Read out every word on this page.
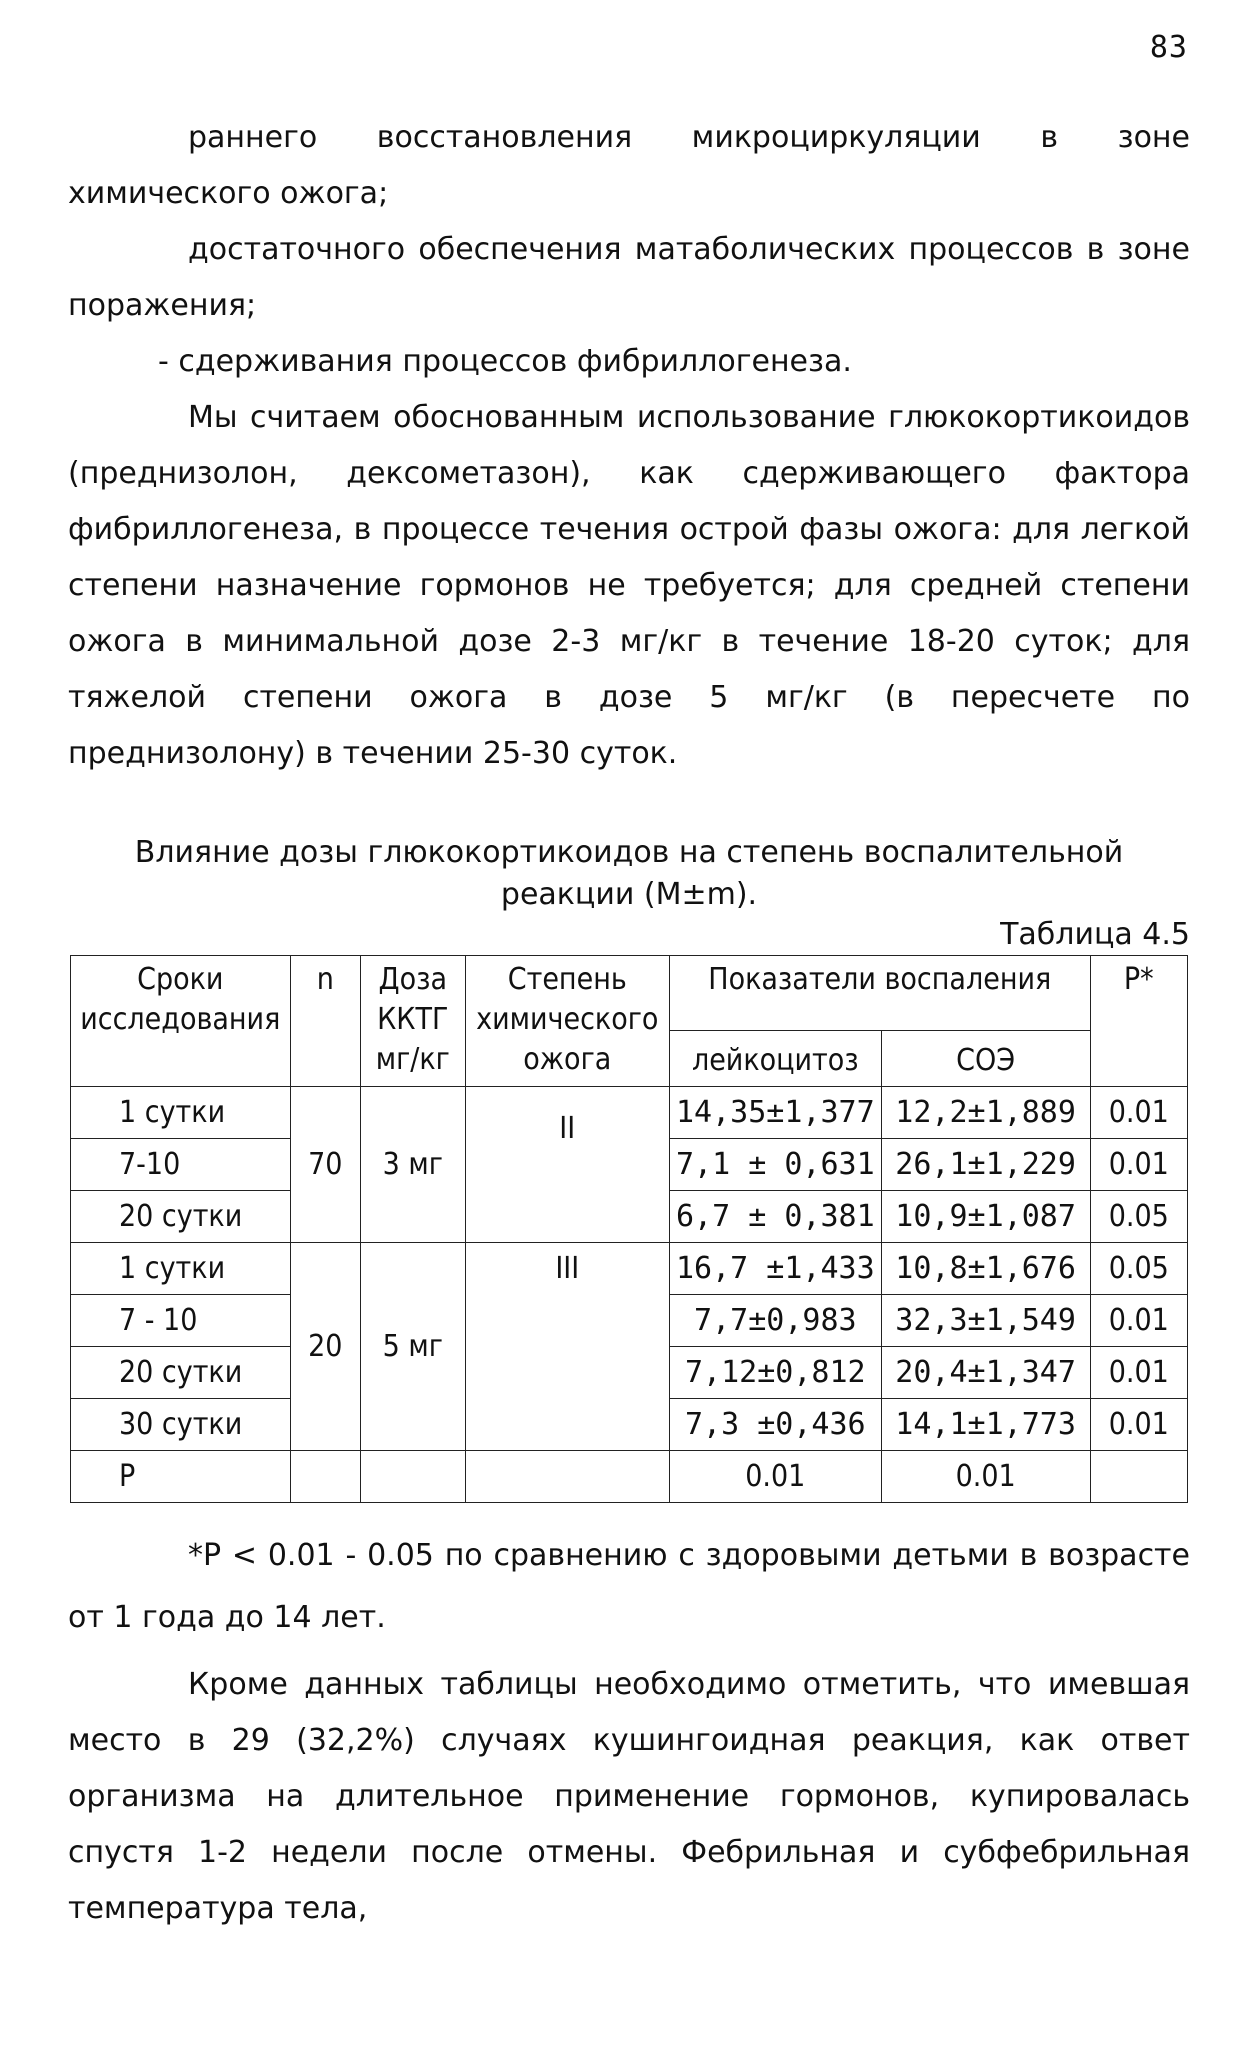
83

раннего восстановления микроциркуляции в зоне химического ожога;

достаточного обеспечения матаболических процессов в зоне поражения;

- сдерживания процессов фибриллогенеза.

Мы считаем обоснованным использование глюкокортикоидов (преднизолон, дексометазон), как сдерживающего фактора фибриллогенеза, в процессе течения острой фазы ожога: для легкой степени назначение гормонов не требуется; для средней степени ожога в минимальной дозе 2-3 мг/кг в течение 18-20 суток; для тяжелой степени ожога в дозе 5 мг/кг (в пересчете по преднизолону) в течении 25-30 суток.

Влияние дозы глюкокортикоидов на степень воспалительной реакции (M±m).
Таблица 4.5
Сроки исследования	n	Доза ККТГ мг/кг	Степень химического ожога	Показатели воспаления		P*
				лейкоцитоз	СОЭ	
1 сутки	70	3 мг	II	14,35±1,377	12,2±1,889	0.01
7-10				7,1 ± 0,631	26,1±1,229	0.01
20 сутки				6,7 ± 0,381	10,9±1,087	0.05
1 сутки	20	5 мг	III	16,7 ±1,433	10,8±1,676	0.05
7 - 10				7,7±0,983	32,3±1,549	0.01
20 сутки				7,12±0,812	20,4±1,347	0.01
30 сутки				7,3 ±0,436	14,1±1,773	0.01
P				0.01	0.01	

*P < 0.01 - 0.05 по сравнению с здоровыми детьми в возрасте от 1 года до 14 лет.

Кроме данных таблицы необходимо отметить, что имевшая место в 29 (32,2%) случаях кушингоидная реакция, как ответ организма на длительное применение гормонов, купировалась спустя 1-2 недели после отмены. Фебрильная и субфебрильная температура тела,
